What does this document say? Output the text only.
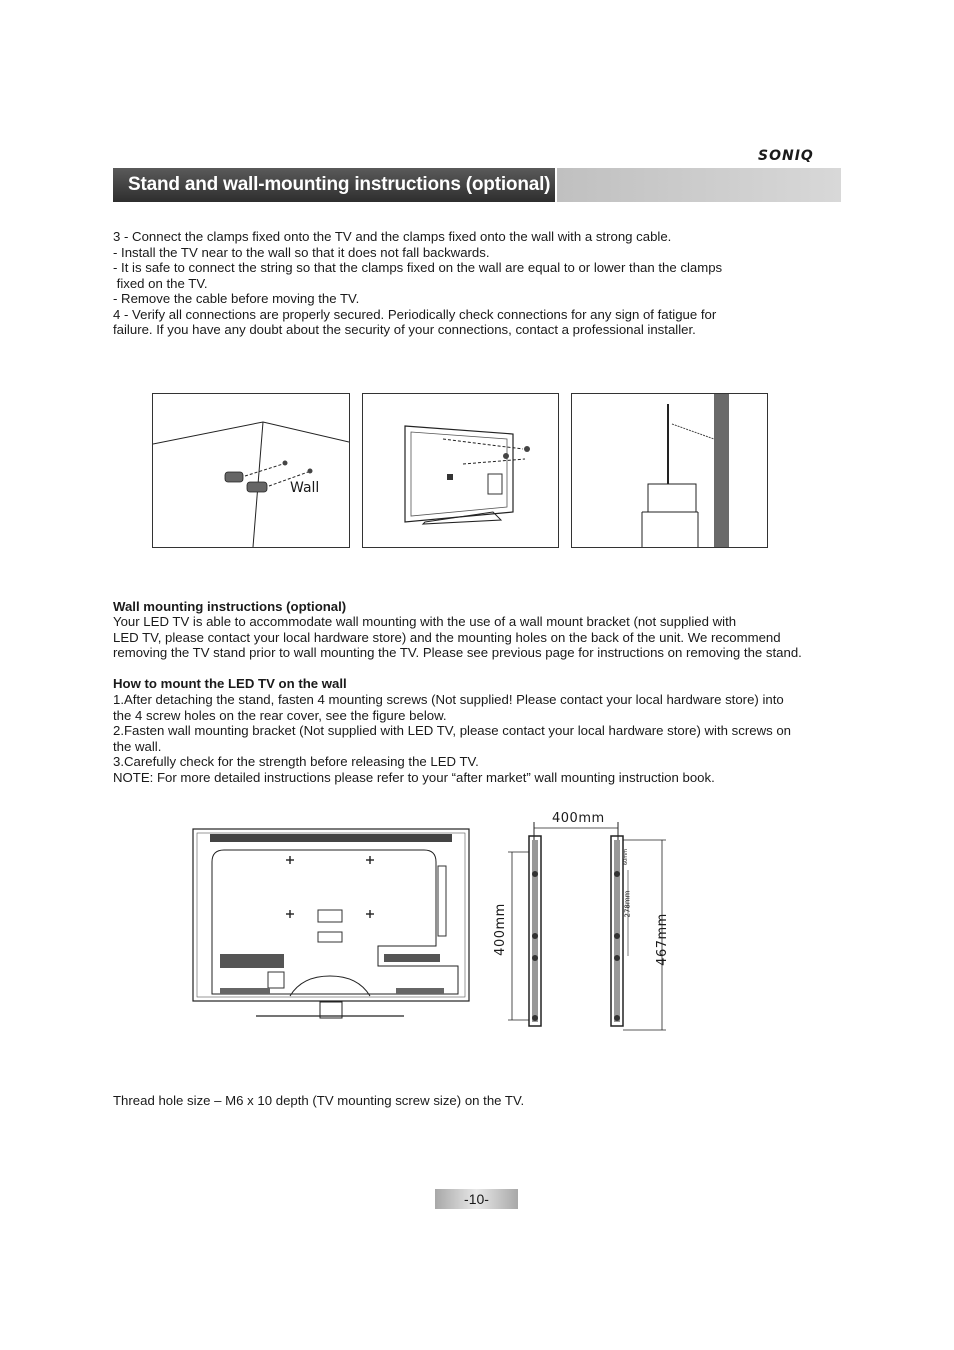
SONIQ
Stand and wall-mounting instructions (optional)
3 - Connect the clamps fixed onto the TV and the clamps fixed onto the wall with a strong cable.
- Install the TV near to the wall so that it does not fall backwards.
- It is safe to connect the string so that the clamps fixed on the wall are equal to or lower than the clamps
fixed on the TV.
- Remove the cable before moving the TV.
4 - Verify all connections are properly secured. Periodically check connections for any sign of fatigue for
failure. If you have any doubt about the security of your connections, contact a professional installer.
Wall
Wall mounting instructions (optional)
Your LED TV is able to accommodate wall mounting with the use of a wall mount bracket (not supplied with
LED TV, please contact your local hardware store) and the mounting holes on the back of the unit. We recommend
removing the TV stand prior to wall mounting the TV. Please see previous page for instructions on removing the stand.
How to mount the LED TV on the wall
1.After detaching the stand, fasten 4 mounting screws (Not supplied! Please contact your local hardware store) into
the 4 screw holes on the rear cover, see the figure below.
2.Fasten wall mounting bracket (Not supplied with LED TV, please contact your local hardware store) with screws on
the wall.
3.Carefully check for the strength before releasing the LED TV.
NOTE: For more detailed instructions please refer to your “after market” wall mounting instruction book.
400mm
400mm	467mm
278mm
60mm
Thread hole size – M6 x 10 depth (TV mounting screw size) on the TV.
-10-
